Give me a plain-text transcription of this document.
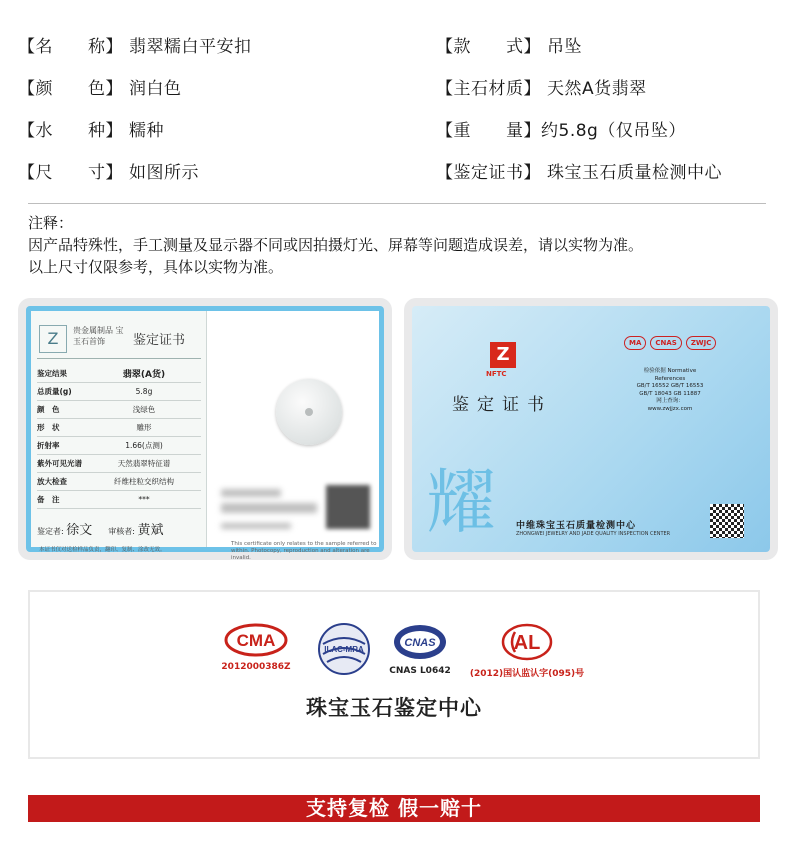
【名　　称】 翡翠糯白平安扣
【颜　　色】 润白色
【水　　种】 糯种
【尺　　寸】 如图所示
【款　　式】 吊坠
【主石材质】 天然A货翡翠
【重　　量】约5.8g（仅吊坠）
【鉴定证书】 珠宝玉石质量检测中心
注释：
因产品特殊性，手工测量及显示器不同或因拍摄灯光、屏幕等问题造成误差，请以实物为准。
以上尺寸仅限参考，具体以实物为准。
Z	贵金属制品 宝玉石首饰	鉴定证书
鉴定结果	翡翠(A货)
总质量(g)	5.8g
颜　色	浅绿色
形　状	雕形
折射率	1.66(点测)
紫外可见光谱	天然翡翠特征谱
放大检查	纤维柱粒交织结构
备　注	***
鉴定者: 徐文 审核者: 黄斌
本证书仅对送检样品负责，翻印、复制、涂改无效。
This certificate only relates to the sample referred to within. Photocopy, reproduction and alteration are invalid.
Z
NFTC
鉴定证书
耀
MA	CNAS	ZWJC
检验依据 Normative References
GB/T 16552 GB/T 16553
GB/T 18043 GB 11887
网上查询：
www.zwjjzx.com
中维珠宝玉石质量检测中心
ZHONGWEI JEWELRY AND JADE QUALITY INSPECTION CENTER
CMA
2012000386Z
ILAC-MRA
CNAS
CNAS L0642
AL
(2012)国认监认字(095)号
珠宝玉石鉴定中心
支持复检 假一赔十
